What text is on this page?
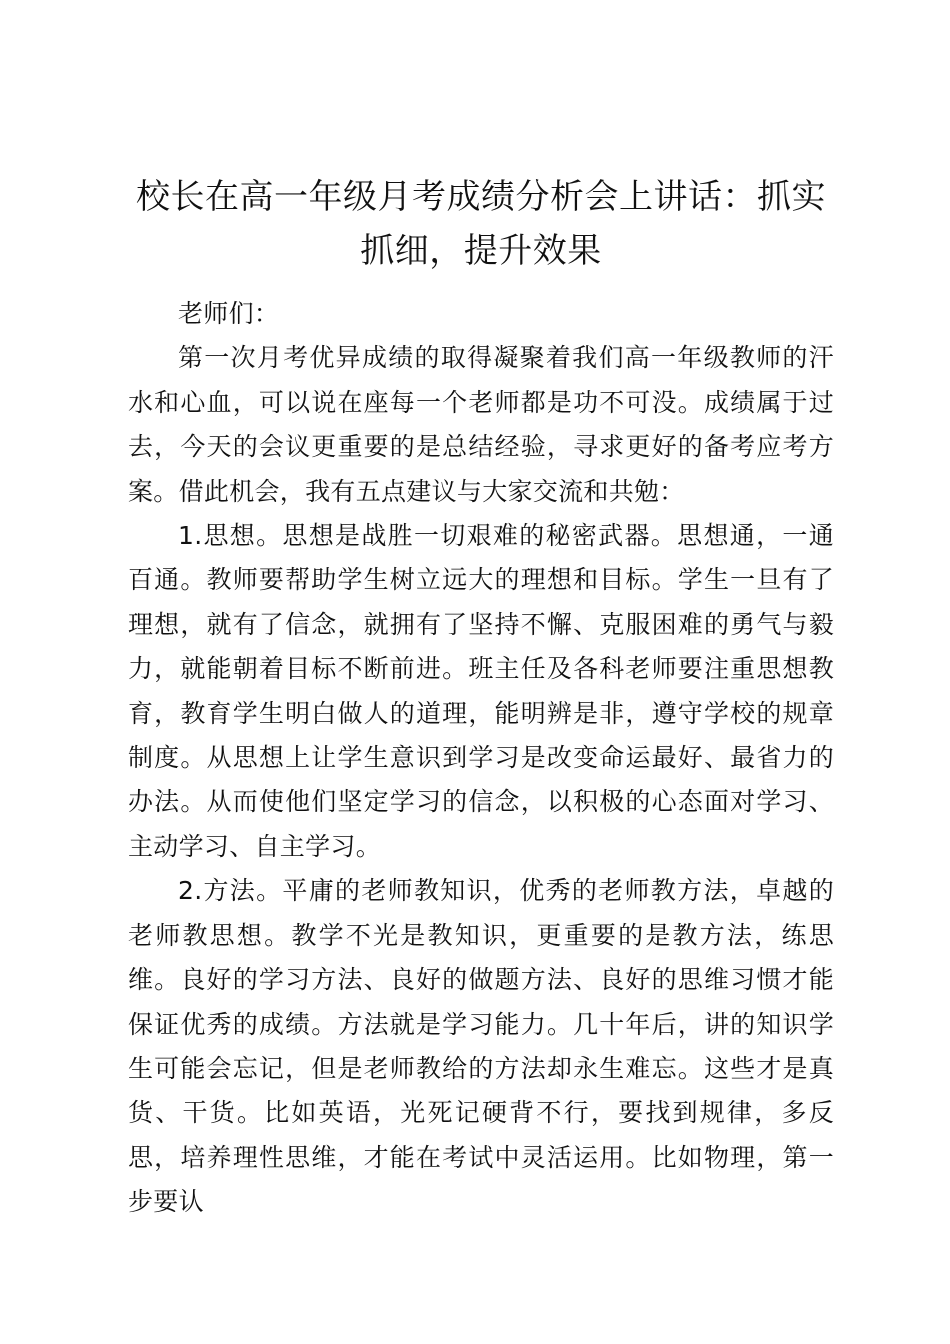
校长在高一年级月考成绩分析会上讲话：抓实抓细，提升效果

老师们：

第一次月考优异成绩的取得凝聚着我们高一年级教师的汗水和心血，可以说在座每一个老师都是功不可没。成绩属于过去，今天的会议更重要的是总结经验，寻求更好的备考应考方案。借此机会，我有五点建议与大家交流和共勉：

1.思想。思想是战胜一切艰难的秘密武器。思想通，一通百通。教师要帮助学生树立远大的理想和目标。学生一旦有了理想，就有了信念，就拥有了坚持不懈、克服困难的勇气与毅力，就能朝着目标不断前进。班主任及各科老师要注重思想教育，教育学生明白做人的道理，能明辨是非，遵守学校的规章制度。从思想上让学生意识到学习是改变命运最好、最省力的办法。从而使他们坚定学习的信念，以积极的心态面对学习、主动学习、自主学习。

2.方法。平庸的老师教知识，优秀的老师教方法，卓越的老师教思想。教学不光是教知识，更重要的是教方法，练思维。良好的学习方法、良好的做题方法、良好的思维习惯才能保证优秀的成绩。方法就是学习能力。几十年后，讲的知识学生可能会忘记，但是老师教给的方法却永生难忘。这些才是真货、干货。比如英语，光死记硬背不行，要找到规律，多反思，培养理性思维，才能在考试中灵活运用。比如物理，第一步要认
